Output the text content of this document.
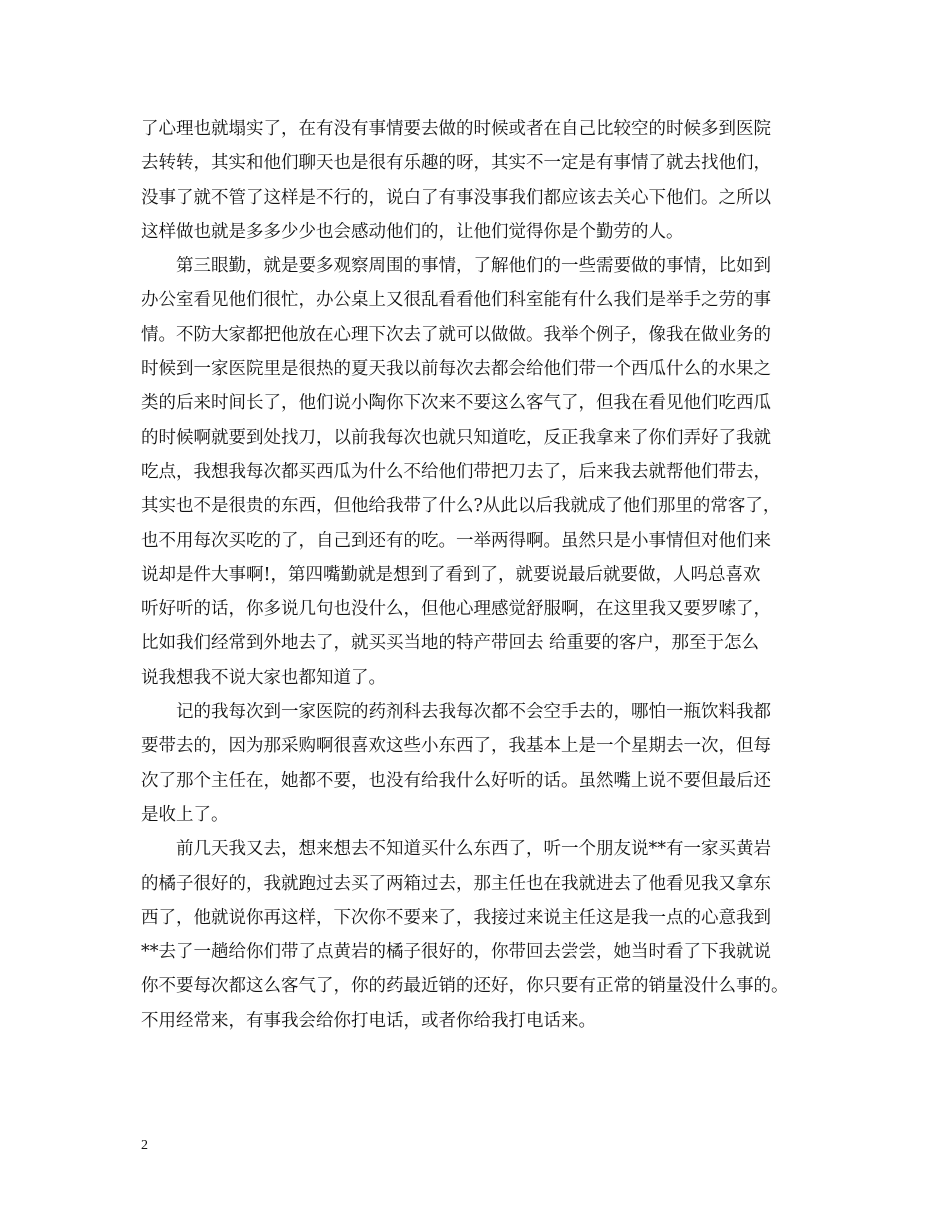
了心理也就塌实了，在有没有事情要去做的时候或者在自己比较空的时候多到医院
去转转，其实和他们聊天也是很有乐趣的呀，其实不一定是有事情了就去找他们，
没事了就不管了这样是不行的，说白了有事没事我们都应该去关心下他们。之所以
这样做也就是多多少少也会感动他们的，让他们觉得你是个勤劳的人。
　　第三眼勤，就是要多观察周围的事情，了解他们的一些需要做的事情，比如到
办公室看见他们很忙，办公桌上又很乱看看他们科室能有什么我们是举手之劳的事
情。不防大家都把他放在心理下次去了就可以做做。我举个例子，像我在做业务的
时候到一家医院里是很热的夏天我以前每次去都会给他们带一个西瓜什么的水果之
类的后来时间长了，他们说小陶你下次来不要这么客气了，但我在看见他们吃西瓜
的时候啊就要到处找刀，以前我每次也就只知道吃，反正我拿来了你们弄好了我就
吃点，我想我每次都买西瓜为什么不给他们带把刀去了，后来我去就帮他们带去，
其实也不是很贵的东西，但他给我带了什么?从此以后我就成了他们那里的常客了，
也不用每次买吃的了，自己到还有的吃。一举两得啊。虽然只是小事情但对他们来
说却是件大事啊!，第四嘴勤就是想到了看到了，就要说最后就要做，人吗总喜欢
听好听的话，你多说几句也没什么，但他心理感觉舒服啊，在这里我又要罗嗦了，
比如我们经常到外地去了，就买买当地的特产带回去 给重要的客户，那至于怎么
说我想我不说大家也都知道了。
　　记的我每次到一家医院的药剂科去我每次都不会空手去的，哪怕一瓶饮料我都
要带去的，因为那采购啊很喜欢这些小东西了，我基本上是一个星期去一次，但每
次了那个主任在，她都不要，也没有给我什么好听的话。虽然嘴上说不要但最后还
是收上了。
　　前几天我又去，想来想去不知道买什么东西了，听一个朋友说**有一家买黄岩
的橘子很好的，我就跑过去买了两箱过去，那主任也在我就进去了他看见我又拿东
西了，他就说你再这样，下次你不要来了，我接过来说主任这是我一点的心意我到
**去了一趟给你们带了点黄岩的橘子很好的，你带回去尝尝，她当时看了下我就说
你不要每次都这么客气了，你的药最近销的还好，你只要有正常的销量没什么事的。
不用经常来，有事我会给你打电话，或者你给我打电话来。
2
